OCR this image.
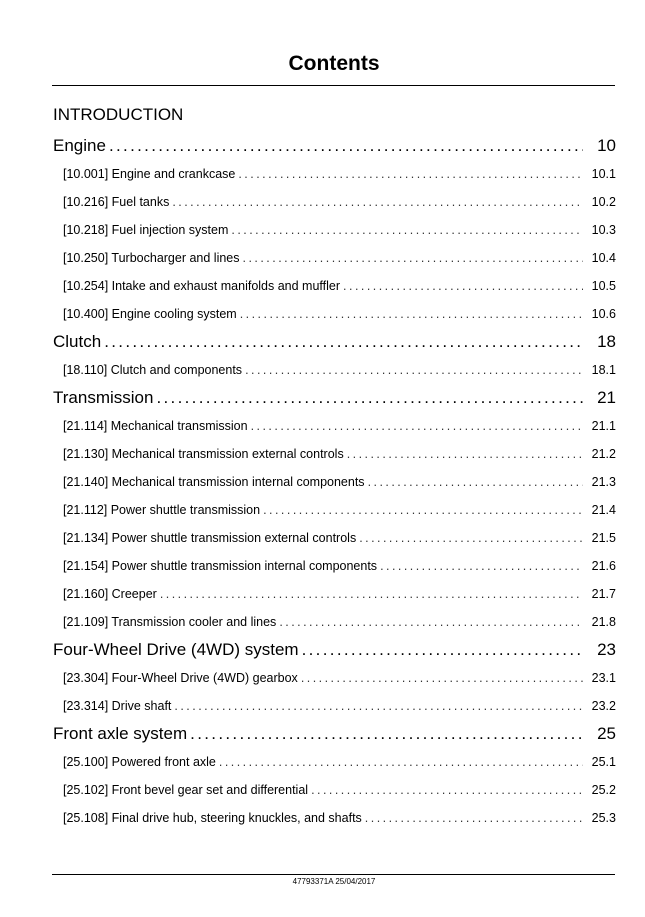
Contents
INTRODUCTION
Engine . . .	10
[10.001] Engine and crankcase . . .	10.1
[10.216] Fuel tanks . . .	10.2
[10.218] Fuel injection system . . .	10.3
[10.250] Turbocharger and lines . . .	10.4
[10.254] Intake and exhaust manifolds and muffler . . .	10.5
[10.400] Engine cooling system . . .	10.6
Clutch . . .	18
[18.110] Clutch and components . . .	18.1
Transmission . . .	21
[21.114] Mechanical transmission . . .	21.1
[21.130] Mechanical transmission external controls . . .	21.2
[21.140] Mechanical transmission internal components . . .	21.3
[21.112] Power shuttle transmission . . .	21.4
[21.134] Power shuttle transmission external controls . . .	21.5
[21.154] Power shuttle transmission internal components . . .	21.6
[21.160] Creeper . . .	21.7
[21.109] Transmission cooler and lines . . .	21.8
Four-Wheel Drive (4WD) system . . .	23
[23.304] Four-Wheel Drive (4WD) gearbox . . .	23.1
[23.314] Drive shaft . . .	23.2
Front axle system . . .	25
[25.100] Powered front axle . . .	25.1
[25.102] Front bevel gear set and differential . . .	25.2
[25.108] Final drive hub, steering knuckles, and shafts . . .	25.3
47793371A 25/04/2017
